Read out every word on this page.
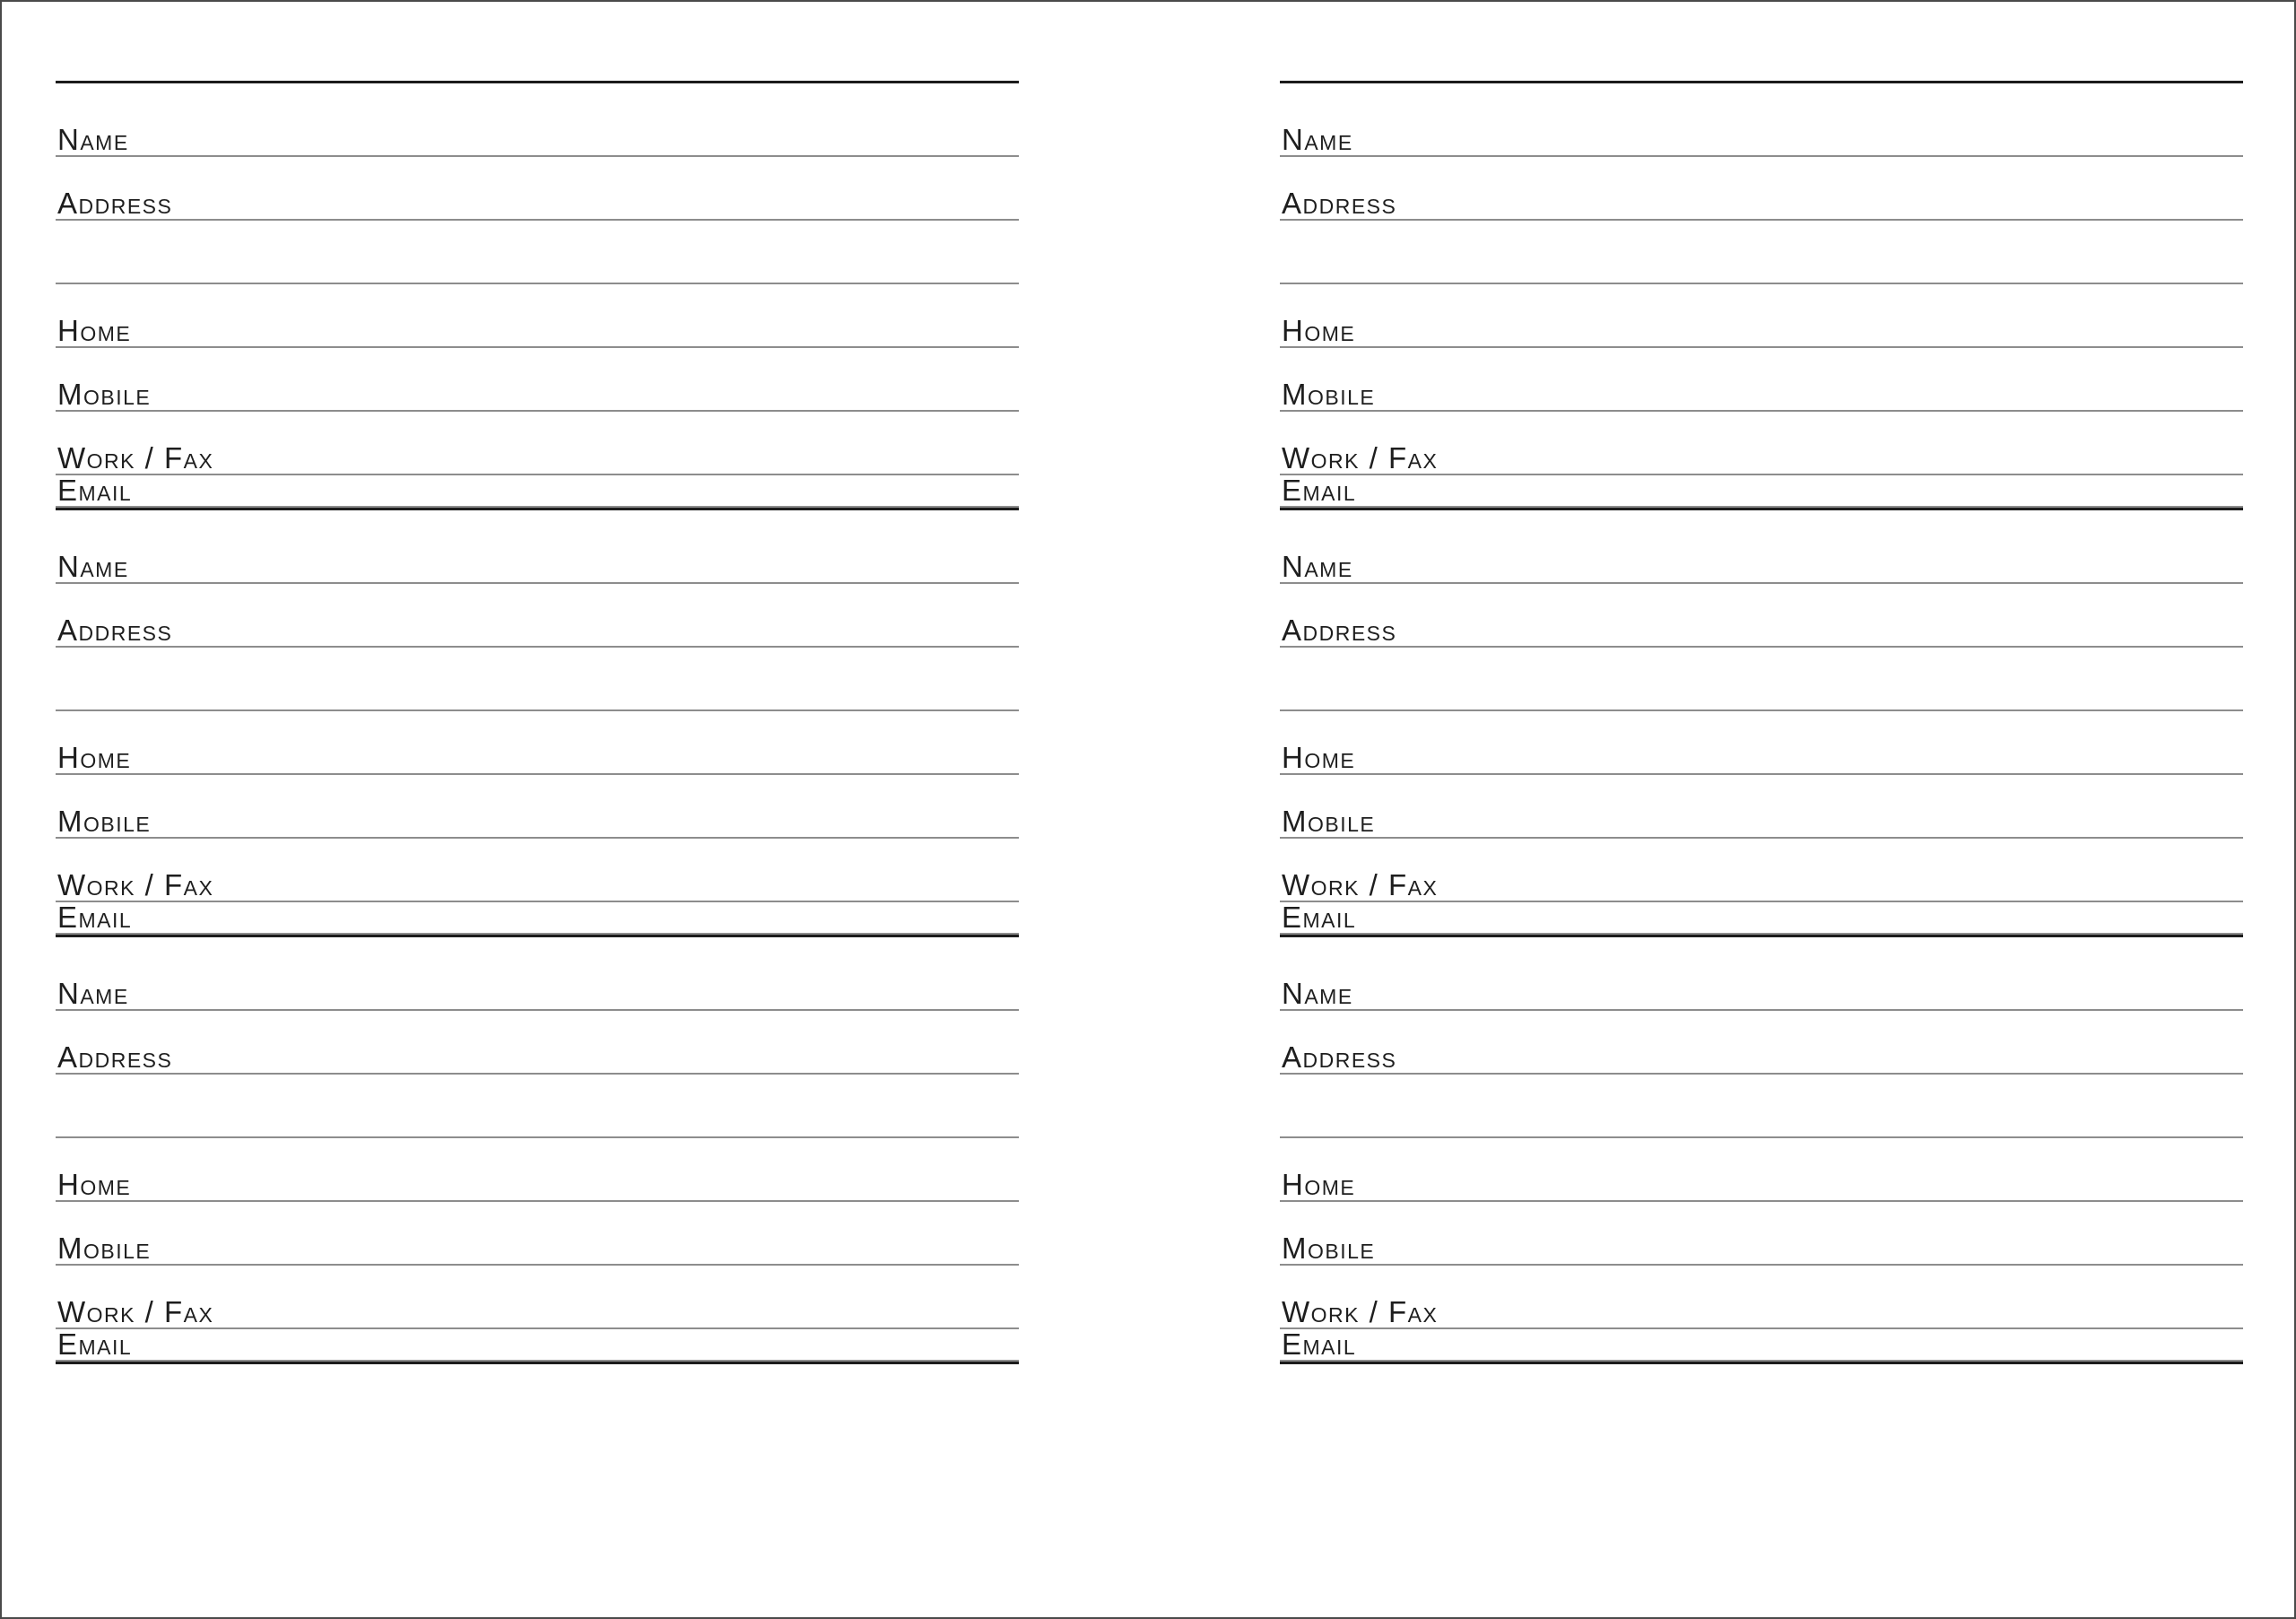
Name
Address
Home
Mobile
Work / Fax
Email
Name
Address
Home
Mobile
Work / Fax
Email
Name
Address
Home
Mobile
Work / Fax
Email
Name
Address
Home
Mobile
Work / Fax
Email
Name
Address
Home
Mobile
Work / Fax
Email
Name
Address
Home
Mobile
Work / Fax
Email
